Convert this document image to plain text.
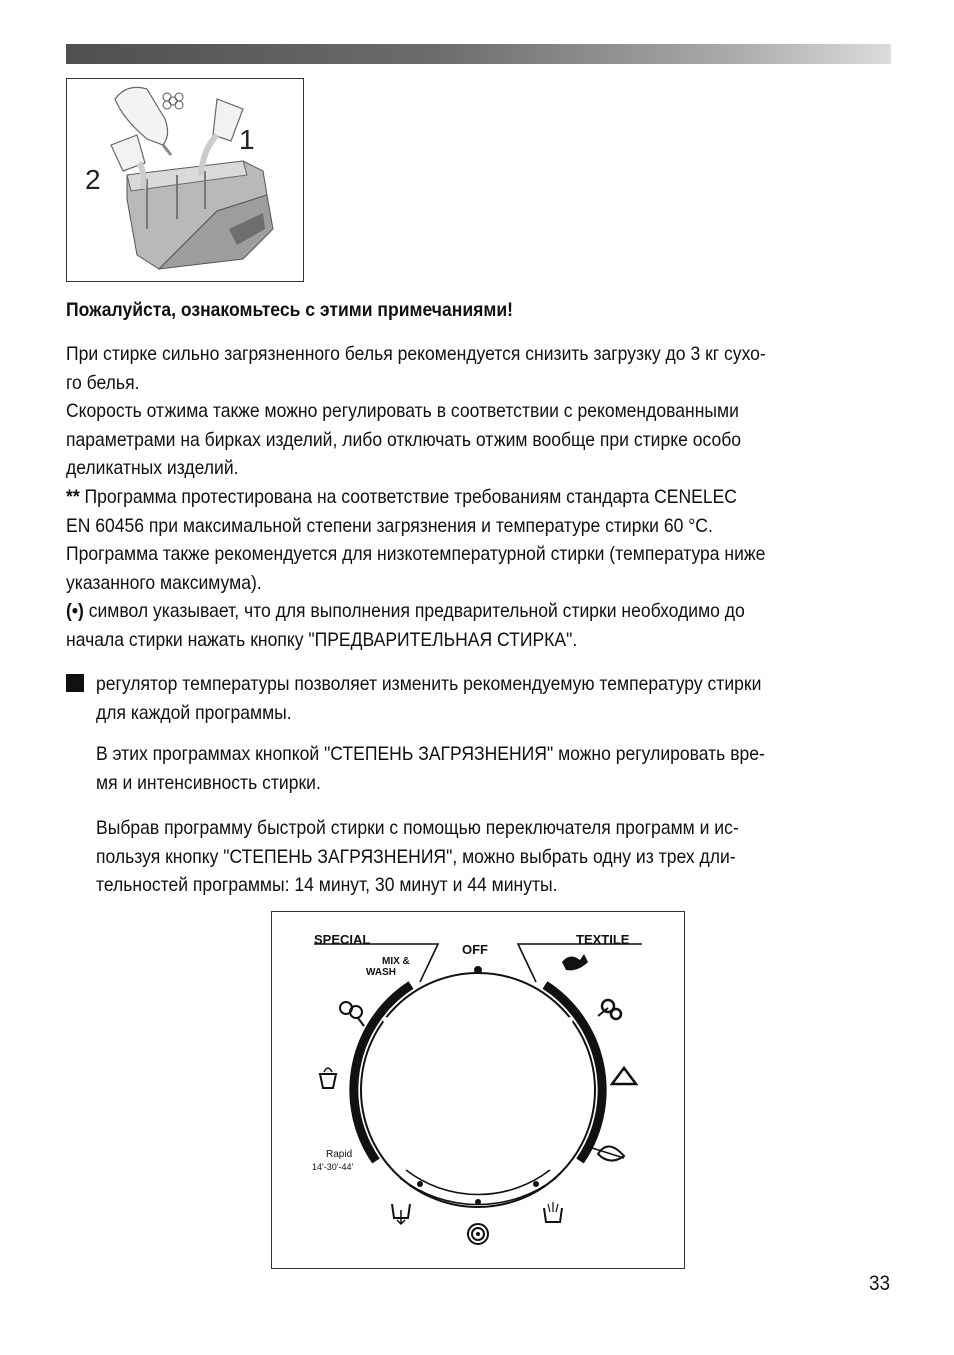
1
2
Пожалуйста, ознакомьтесь с этими примечаниями!

При стирке сильно загрязненного белья рекомендуется снизить загрузку до 3 кг сухо-

го белья.

Скорость отжима также можно регулировать в соответствии с рекомендованными

параметрами на бирках изделий, либо отключать отжим вообще при стирке особо

деликатных изделий.

** Программа протестирована на соответствие требованиям стандарта CENELEC

EN 60456 при максимальной степени загрязнения и температуре стирки 60 °С.

Программа также рекомендуется для низкотемпературной стирки (температура ниже

указанного максимума).

(•) символ указывает, что для выполнения предварительной стирки необходимо до

начала стирки нажать кнопку "ПРЕДВАРИТЕЛЬНАЯ СТИРКА".

регулятор температуры позволяет изменить рекомендуемую температуру стирки

для каждой программы.

В этих программах кнопкой "СТЕПЕНЬ ЗАГРЯЗНЕНИЯ" можно регулировать вре-

мя и интенсивность стирки.

Выбрав программу быстрой стирки с помощью переключателя программ и ис-

пользуя кнопку "СТЕПЕНЬ ЗАГРЯЗНЕНИЯ", можно выбрать одну из трех дли-

тельностей программы: 14 минут, 30 минут и 44 минуты.

SPECIAL	TEXTILE
OFF
MIX &
WASH
Rapid
14'-30'-44'
33
